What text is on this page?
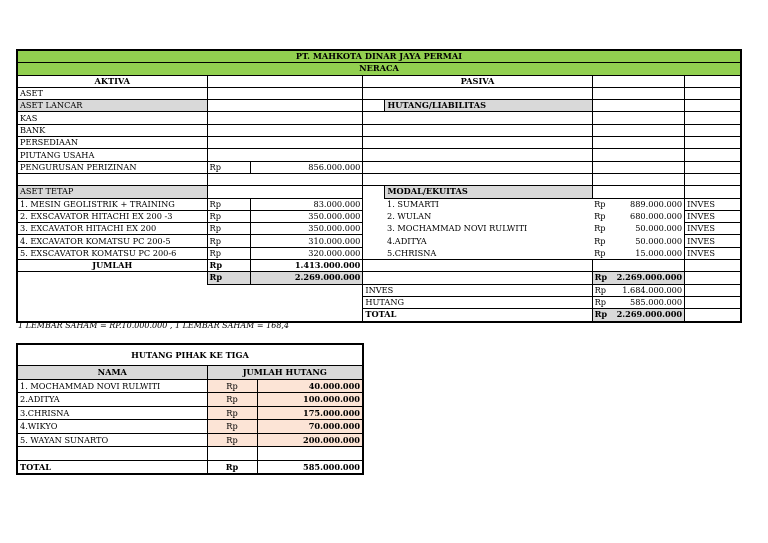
PT. MAHKOTA DINAR JAYA PERMAI						
NERACA						
AKTIVA			PASIVA			
ASET						
ASET LANCAR				HUTANG/LIABILITAS		
KAS						
BANK						
PERSEDIAAN						
PIUTANG USAHA						
PENGURUSAN PERIZINAN	Rp	856.000.000				

ASET TETAP				MODAL/EKUITAS		
1. MESIN GEOLISTRIK + TRAINING	Rp	83.000.000		1. SUMARTI	Rp 889.000.000	INVES
2. EXSCAVATOR HITACHI EX 200 -3	Rp	350.000.000		2. WULAN	Rp 680.000.000	INVES
3. EXCAVATOR HITACHI EX 200	Rp	350.000.000		3. MOCHAMMAD NOVI RULWITI	Rp 50.000.000	INVES
4. EXCAVATOR KOMATSU PC 200-5	Rp	310.000.000		4.ADITYA	Rp 50.000.000	INVES
5. EXSCAVATOR KOMATSU PC 200-6	Rp	320.000.000		5.CHRISNA	Rp 15.000.000	INVES
JUMLAH	Rp	1.413.000.000				
	Rp	2.269.000.000			Rp 2.269.000.000	

			INVES		Rp 1.684.000.000	

			HUTANG		Rp 585.000.000	

			TOTAL		Rp 2.269.000.000	

1 LEMBAR SAHAM = RP.10.000.000 , 1 LEMBAR SAHAM = 168,4
HUTANG PIHAK KE TIGA		
NAMA	JUMLAH HUTANG	
1. MOCHAMMAD NOVI RULWITI	Rp	40.000.000
2.ADITYA	Rp	100.000.000
3.CHRISNA	Rp	175.000.000
4.WIKYO	Rp	70.000.000
5. WAYAN SUNARTO	Rp	200.000.000

TOTAL	Rp	585.000.000
